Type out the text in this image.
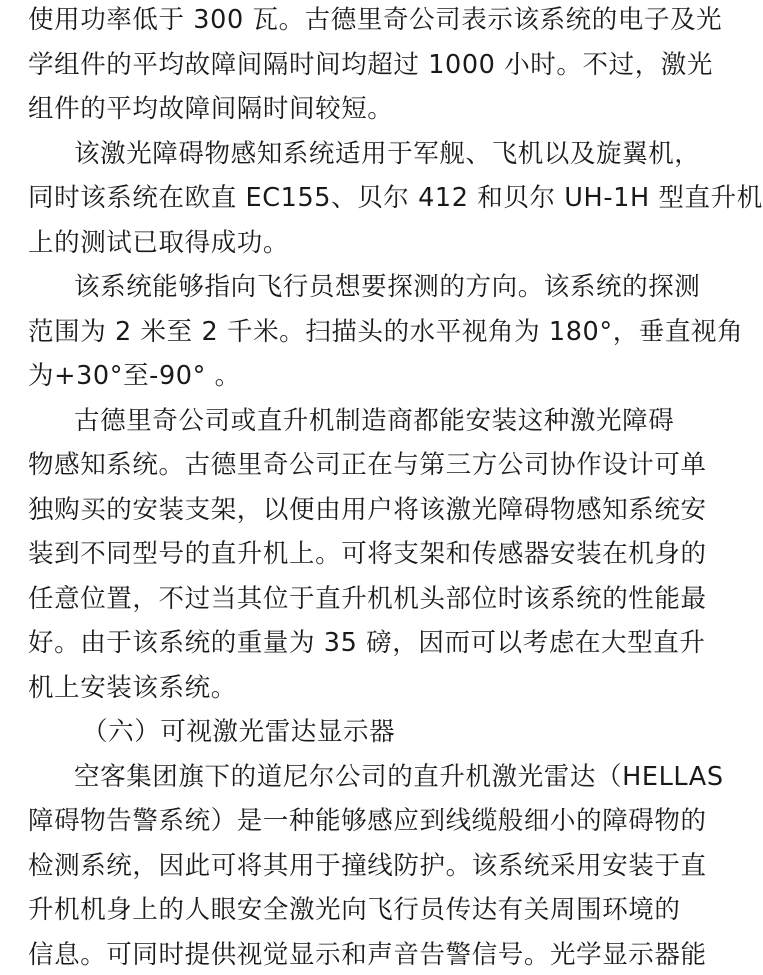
使用功率低于 300 瓦。古德里奇公司表示该系统的电子及光
学组件的平均故障间隔时间均超过 1000 小时。不过，激光
组件的平均故障间隔时间较短。
该激光障碍物感知系统适用于军舰、飞机以及旋翼机，
同时该系统在欧直 EC155、贝尔 412 和贝尔 UH-1H 型直升机
上的测试已取得成功。
该系统能够指向飞行员想要探测的方向。该系统的探测
范围为 2 米至 2 千米。扫描头的水平视角为 180°，垂直视角
为+30°至-90° 。
古德里奇公司或直升机制造商都能安装这种激光障碍
物感知系统。古德里奇公司正在与第三方公司协作设计可单
独购买的安装支架，以便由用户将该激光障碍物感知系统安
装到不同型号的直升机上。可将支架和传感器安装在机身的
任意位置，不过当其位于直升机机头部位时该系统的性能最
好。由于该系统的重量为 35 磅，因而可以考虑在大型直升
机上安装该系统。
（六）可视激光雷达显示器
空客集团旗下的道尼尔公司的直升机激光雷达（HELLAS
障碍物告警系统）是一种能够感应到线缆般细小的障碍物的
检测系统，因此可将其用于撞线防护。该系统采用安装于直
升机机身上的人眼安全激光向飞行员传达有关周围环境的
信息。可同时提供视觉显示和声音告警信号。光学显示器能
